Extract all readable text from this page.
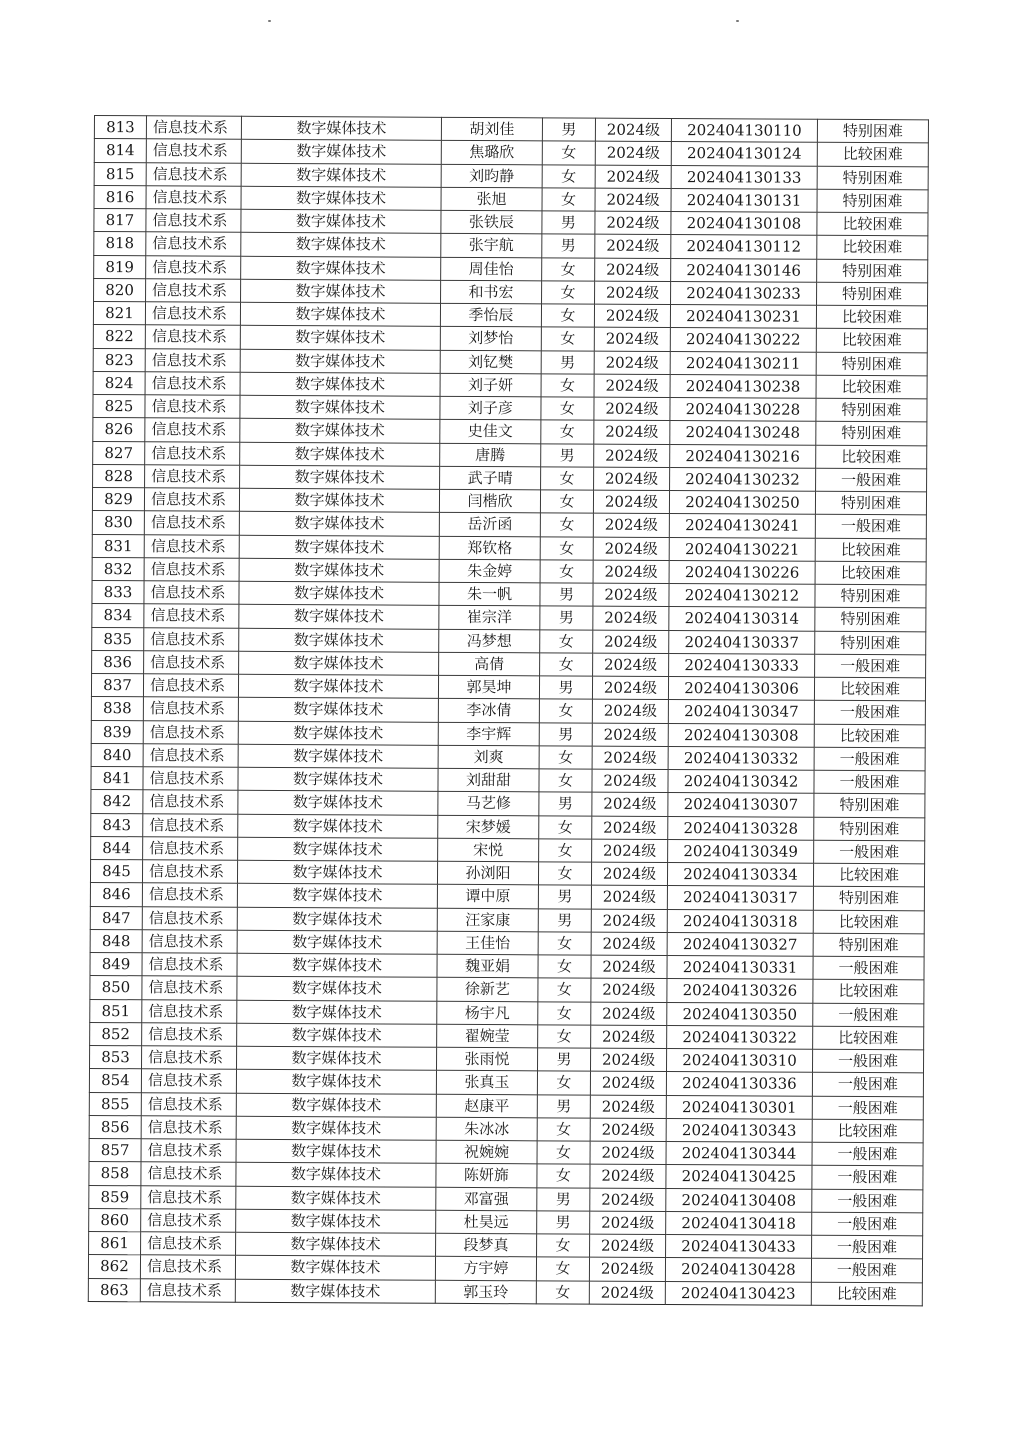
813	信息技术系	数字媒体技术	胡刘佳	男	2024级	202404130110	特别困难
814	信息技术系	数字媒体技术	焦璐欣	女	2024级	202404130124	比较困难
815	信息技术系	数字媒体技术	刘昀静	女	2024级	202404130133	特别困难
816	信息技术系	数字媒体技术	张旭	女	2024级	202404130131	特别困难
817	信息技术系	数字媒体技术	张铁辰	男	2024级	202404130108	比较困难
818	信息技术系	数字媒体技术	张宇航	男	2024级	202404130112	比较困难
819	信息技术系	数字媒体技术	周佳怡	女	2024级	202404130146	特别困难
820	信息技术系	数字媒体技术	和书宏	女	2024级	202404130233	特别困难
821	信息技术系	数字媒体技术	季怡辰	女	2024级	202404130231	比较困难
822	信息技术系	数字媒体技术	刘梦怡	女	2024级	202404130222	比较困难
823	信息技术系	数字媒体技术	刘钇樊	男	2024级	202404130211	特别困难
824	信息技术系	数字媒体技术	刘子妍	女	2024级	202404130238	比较困难
825	信息技术系	数字媒体技术	刘子彦	女	2024级	202404130228	特别困难
826	信息技术系	数字媒体技术	史佳文	女	2024级	202404130248	特别困难
827	信息技术系	数字媒体技术	唐腾	男	2024级	202404130216	比较困难
828	信息技术系	数字媒体技术	武子晴	女	2024级	202404130232	一般困难
829	信息技术系	数字媒体技术	闫楷欣	女	2024级	202404130250	特别困难
830	信息技术系	数字媒体技术	岳沂函	女	2024级	202404130241	一般困难
831	信息技术系	数字媒体技术	郑钦格	女	2024级	202404130221	比较困难
832	信息技术系	数字媒体技术	朱金婷	女	2024级	202404130226	比较困难
833	信息技术系	数字媒体技术	朱一帆	男	2024级	202404130212	特别困难
834	信息技术系	数字媒体技术	崔宗洋	男	2024级	202404130314	特别困难
835	信息技术系	数字媒体技术	冯梦想	女	2024级	202404130337	特别困难
836	信息技术系	数字媒体技术	高倩	女	2024级	202404130333	一般困难
837	信息技术系	数字媒体技术	郭昊坤	男	2024级	202404130306	比较困难
838	信息技术系	数字媒体技术	李冰倩	女	2024级	202404130347	一般困难
839	信息技术系	数字媒体技术	李宇辉	男	2024级	202404130308	比较困难
840	信息技术系	数字媒体技术	刘爽	女	2024级	202404130332	一般困难
841	信息技术系	数字媒体技术	刘甜甜	女	2024级	202404130342	一般困难
842	信息技术系	数字媒体技术	马艺修	男	2024级	202404130307	特别困难
843	信息技术系	数字媒体技术	宋梦媛	女	2024级	202404130328	特别困难
844	信息技术系	数字媒体技术	宋悦	女	2024级	202404130349	一般困难
845	信息技术系	数字媒体技术	孙浏阳	女	2024级	202404130334	比较困难
846	信息技术系	数字媒体技术	谭中原	男	2024级	202404130317	特别困难
847	信息技术系	数字媒体技术	汪家康	男	2024级	202404130318	比较困难
848	信息技术系	数字媒体技术	王佳怡	女	2024级	202404130327	特别困难
849	信息技术系	数字媒体技术	魏亚娟	女	2024级	202404130331	一般困难
850	信息技术系	数字媒体技术	徐新艺	女	2024级	202404130326	比较困难
851	信息技术系	数字媒体技术	杨宇凡	女	2024级	202404130350	一般困难
852	信息技术系	数字媒体技术	翟婉莹	女	2024级	202404130322	比较困难
853	信息技术系	数字媒体技术	张雨悦	男	2024级	202404130310	一般困难
854	信息技术系	数字媒体技术	张真玉	女	2024级	202404130336	一般困难
855	信息技术系	数字媒体技术	赵康平	男	2024级	202404130301	一般困难
856	信息技术系	数字媒体技术	朱冰冰	女	2024级	202404130343	比较困难
857	信息技术系	数字媒体技术	祝婉婉	女	2024级	202404130344	一般困难
858	信息技术系	数字媒体技术	陈妍旆	女	2024级	202404130425	一般困难
859	信息技术系	数字媒体技术	邓富强	男	2024级	202404130408	一般困难
860	信息技术系	数字媒体技术	杜昊远	男	2024级	202404130418	一般困难
861	信息技术系	数字媒体技术	段梦真	女	2024级	202404130433	一般困难
862	信息技术系	数字媒体技术	方宇婷	女	2024级	202404130428	一般困难
863	信息技术系	数字媒体技术	郭玉玲	女	2024级	202404130423	比较困难
